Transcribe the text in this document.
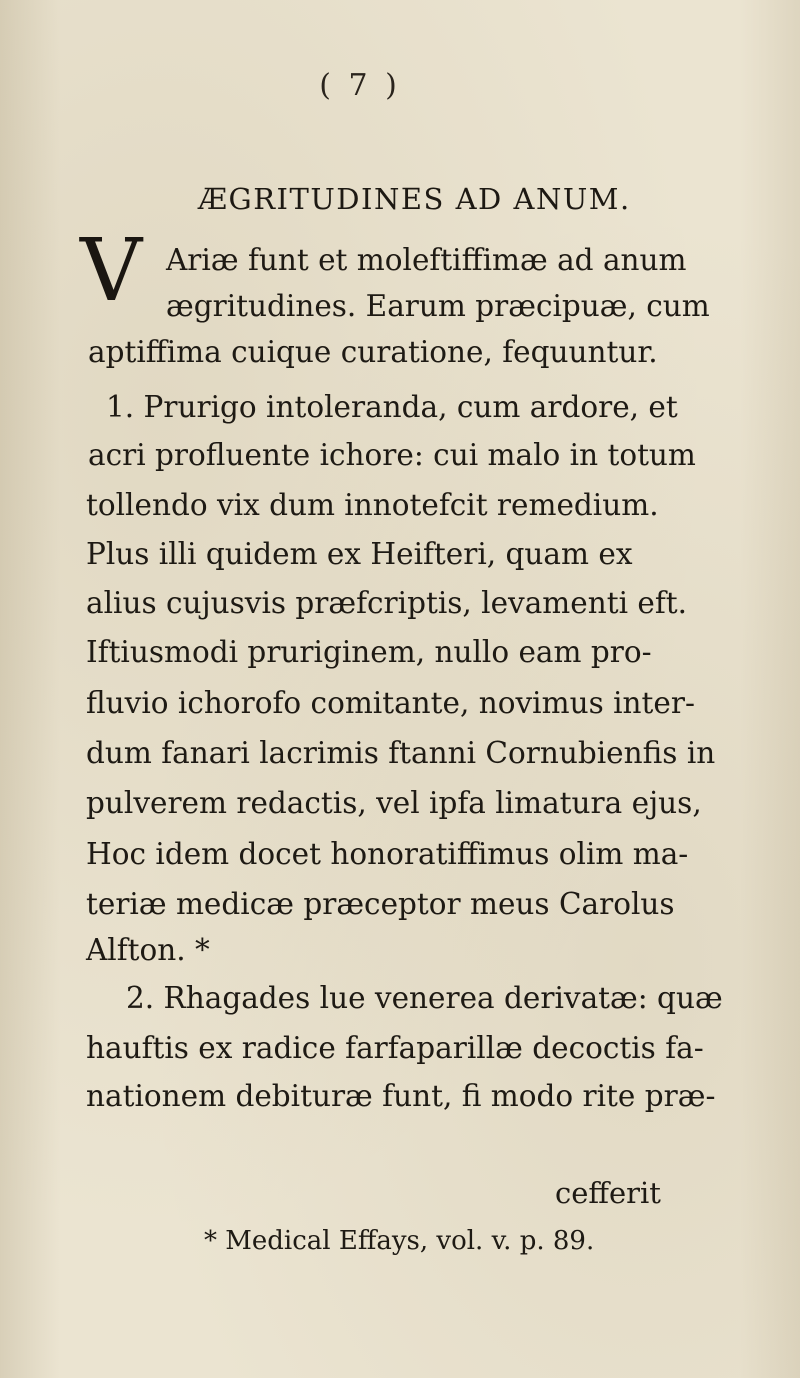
( 7 )
ÆGRITUDINES AD ANUM.
V Ariæ funt et moleftiffimæ ad anum
ægritudines. Earum præcipuæ, cum
aptiffima cuique curatione, fequuntur.
1. Prurigo intoleranda, cum ardore, et
acri profluente ichore: cui malo in totum
tollendo vix dum innotefcit remedium.
Plus illi quidem ex Heifteri, quam ex
alius cujusvis præfcriptis, levamenti eft.
Iftiusmodi pruriginem, nullo eam pro-
fluvio ichorofo comitante, novimus inter-
dum fanari lacrimis ftanni Cornubienfis in
pulverem redactis, vel ipfa limatura ejus,
Hoc idem docet honoratiffimus olim ma-
teriæ medicæ præceptor meus Carolus
Alfton. *
2. Rhagades lue venerea derivatæ: quæ
hauftis ex radice farfaparillæ decoctis fa-
nationem debituræ funt, fi modo rite præ-
cefferit
* Medical Effays, vol. v. p. 89.
